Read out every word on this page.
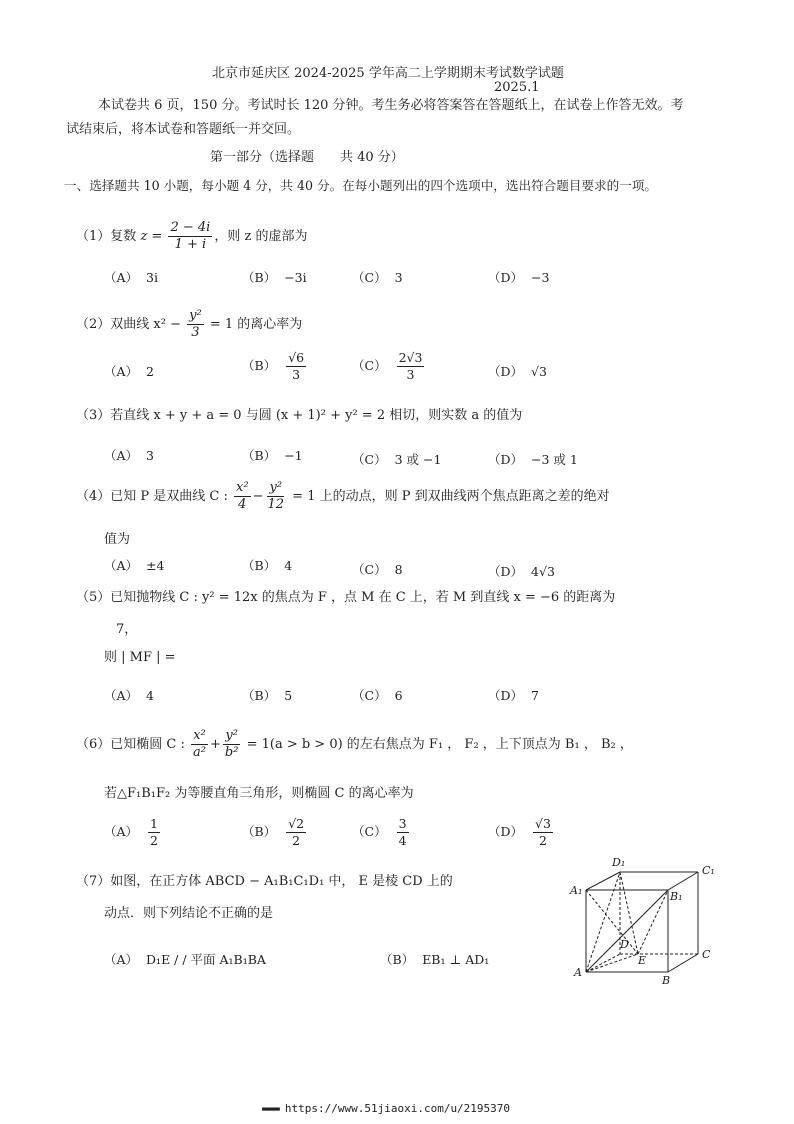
北京市延庆区 2024-2025 学年高二上学期期末考试数学试题
2025.1
本试卷共 6 页，150 分。考试时长 120 分钟。考生务必将答案答在答题纸上，在试卷上作答无效。考
试结束后，将本试卷和答题纸一并交回。
第一部分（选择题　　共 40 分）
一、选择题共 10 小题，每小题 4 分，共 40 分。在每小题列出的四个选项中，选出符合题目要求的一项。
（1）复数 $z = \frac{2 - 4i}{1 + i}$ ，则 z 的虚部为
（A） 3i	（B） −3i	（C） 3	（D） −3
（2）双曲线 $x^2 - \frac{\text{y²}}{3} = 1$ 的离心率为
（A） 2	$(B) \frac{√6}{3}$	$(C) \frac{2√3}{3}$	（D） √3
（3）若直线 x + y + a = 0 与圆 (x + 1)² + y² = 2 相切，则实数 a 的值为
（A） 3	（B） −1	（C） 3 或 −1	（D） −3 或 1
（4）已知 P 是双曲线 C : $\frac{\text{x²}}{4} - \frac{\text{y²}}{12} = 1$ 上的动点，则 P 到双曲线两个焦点距离之差的绝对
值为
（A） ±4	（B） 4	（C） 8	（D） 4√3
（5）已知抛物线 C : y² = 12x 的焦点为 F ，点 M 在 C 上，若 M 到直线 x = −6 的距离为
7，
则 | MF | =
（A） 4	（B） 5	（C） 6	（D） 7
（6）已知椭圆 C : $\frac{\text{x²}}{\text{a²}} + \frac{\text{y²}}{\text{b²}} = 1(a > b > 0)$ 的左右焦点为 F₁ ， F₂ ，上下顶点为 B₁ ， B₂ ，
若△F₁B₁F₂ 为等腰直角三角形，则椭圆 C 的离心率为
$(A) \frac{1}{2}$	$(B) \frac{√2}{2}$	$(C) \frac{3}{4}$	$(D) \frac{√3}{2}$
（7）如图，在正方体 ABCD − A₁B₁C₁D₁ 中， E 是棱 CD 上的
动点．则下列结论不正确的是
（A） D₁E / / 平面 A₁B₁BA	（B） EB₁ ⊥ AD₁
D₁
C₁
A₁	B₁
D
E	C
A
B
▬▬▬ https://www.51jiaoxi.com/u/2195370
